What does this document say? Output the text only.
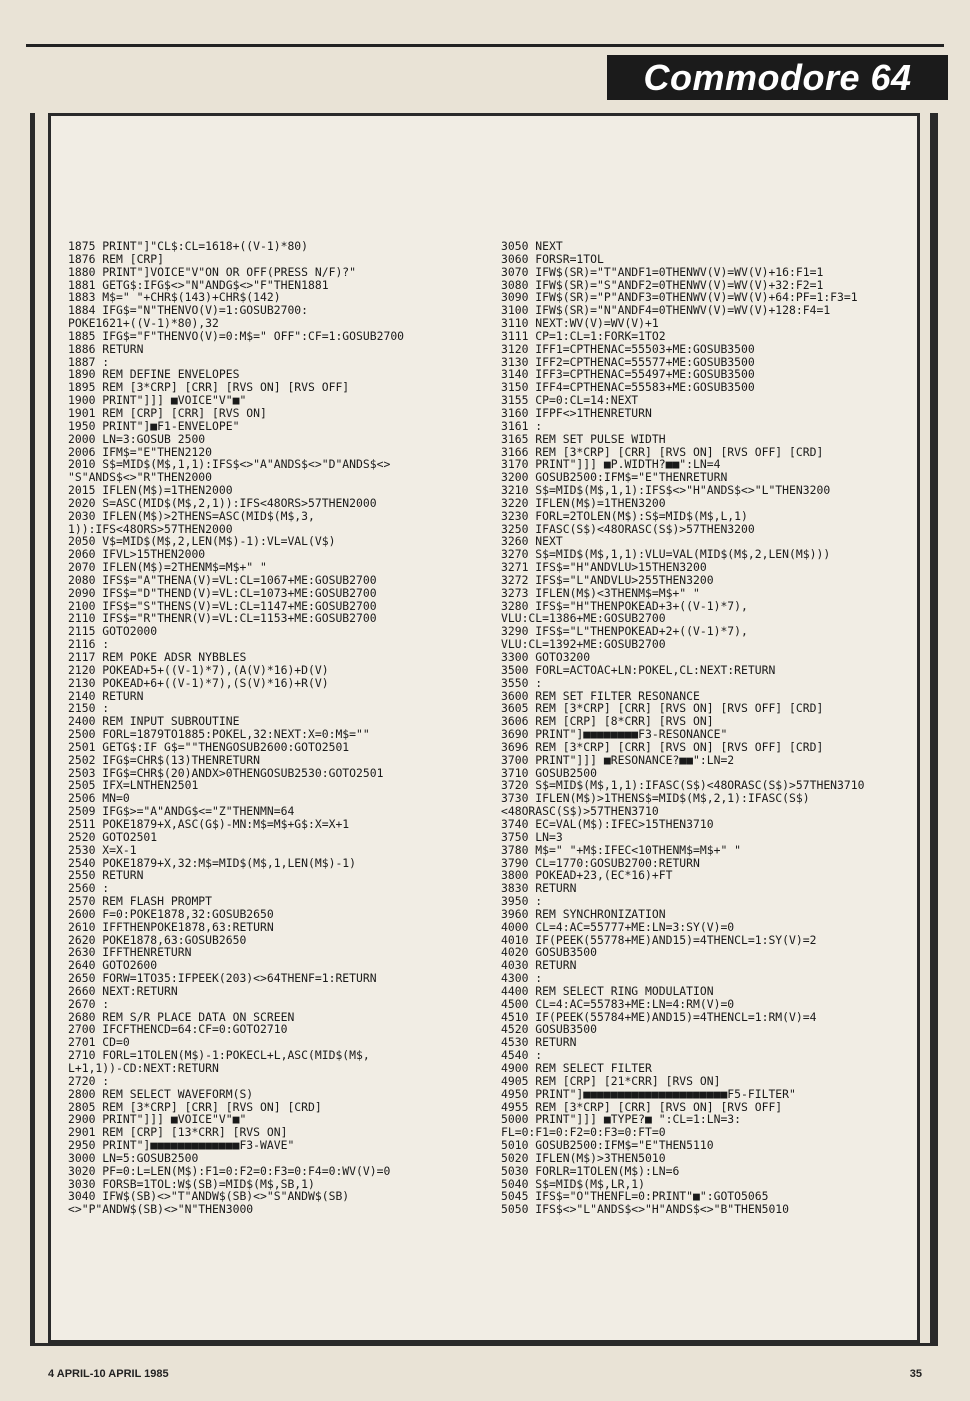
Commodore 64
1875 PRINT"]"CL$:CL=1618+((V-1)*80)
1876 REM [CRP]
1880 PRINT"]VOICE"V"ON OR OFF(PRESS N/F)?"
1881 GETG$:IFG$<>"N"ANDG$<>"F"THEN1881
1883 M$=" "+CHR$(143)+CHR$(142)
1884 IFG$="N"THENVO(V)=1:GOSUB2700:
POKE1621+((V-1)*80),32
1885 IFG$="F"THENVO(V)=0:M$=" OFF":CF=1:GOSUB2700
1886 RETURN
1887 :
1890 REM DEFINE ENVELOPES
1895 REM [3*CRP] [CRR] [RVS ON] [RVS OFF]
1900 PRINT"]]] ■VOICE"V"■"
1901 REM [CRP] [CRR] [RVS ON]
1950 PRINT"]■F1-ENVELOPE"
2000 LN=3:GOSUB 2500
2006 IFM$="E"THEN2120
2010 S$=MID$(M$,1,1):IFS$<>"A"ANDS$<>"D"ANDS$<>
"S"ANDS$<>"R"THEN2000
2015 IFLEN(M$)=1THEN2000
2020 S=ASC(MID$(M$,2,1)):IFS<48ORS>57THEN2000
2030 IFLEN(M$)>2THENS=ASC(MID$(M$,3,
1)):IFS<48ORS>57THEN2000
2050 V$=MID$(M$,2,LEN(M$)-1):VL=VAL(V$)
2060 IFVL>15THEN2000
2070 IFLEN(M$)=2THENM$=M$+" "
2080 IFS$="A"THENA(V)=VL:CL=1067+ME:GOSUB2700
2090 IFS$="D"THEND(V)=VL:CL=1073+ME:GOSUB2700
2100 IFS$="S"THENS(V)=VL:CL=1147+ME:GOSUB2700
2110 IFS$="R"THENR(V)=VL:CL=1153+ME:GOSUB2700
2115 GOTO2000
2116 :
2117 REM POKE ADSR NYBBLES
2120 POKEAD+5+((V-1)*7),(A(V)*16)+D(V)
2130 POKEAD+6+((V-1)*7),(S(V)*16)+R(V)
2140 RETURN
2150 :
2400 REM INPUT SUBROUTINE
2500 FORL=1879TO1885:POKEL,32:NEXT:X=0:M$=""
2501 GETG$:IF G$=""THENGOSUB2600:GOTO2501
2502 IFG$=CHR$(13)THENRETURN
2503 IFG$=CHR$(20)ANDX>0THENGOSUB2530:GOTO2501
2505 IFX=LNTHEN2501
2506 MN=0
2509 IFG$>="A"ANDG$<="Z"THENMN=64
2511 POKE1879+X,ASC(G$)-MN:M$=M$+G$:X=X+1
2520 GOTO2501
2530 X=X-1
2540 POKE1879+X,32:M$=MID$(M$,1,LEN(M$)-1)
2550 RETURN
2560 :
2570 REM FLASH PROMPT
2600 F=0:POKE1878,32:GOSUB2650
2610 IFFTHENPOKE1878,63:RETURN
2620 POKE1878,63:GOSUB2650
2630 IFFTHENRETURN
2640 GOTO2600
2650 FORW=1TO35:IFPEEK(203)<>64THENF=1:RETURN
2660 NEXT:RETURN
2670 :
2680 REM S/R PLACE DATA ON SCREEN
2700 IFCFTHENCD=64:CF=0:GOTO2710
2701 CD=0
2710 FORL=1TOLEN(M$)-1:POKECL+L,ASC(MID$(M$,
L+1,1))-CD:NEXT:RETURN
2720 :
2800 REM SELECT WAVEFORM(S)
2805 REM [3*CRP] [CRR] [RVS ON] [CRD]
2900 PRINT"]]] ■VOICE"V"■"
2901 REM [CRP] [13*CRR] [RVS ON]
2950 PRINT"]■■■■■■■■■■■■■F3-WAVE"
3000 LN=5:GOSUB2500
3020 PF=0:L=LEN(M$):F1=0:F2=0:F3=0:F4=0:WV(V)=0
3030 FORSB=1TOL:W$(SB)=MID$(M$,SB,1)
3040 IFW$(SB)<>"T"ANDW$(SB)<>"S"ANDW$(SB)
<>"P"ANDW$(SB)<>"N"THEN3000
3050 NEXT
3060 FORSR=1TOL
3070 IFW$(SR)="T"ANDF1=0THENWV(V)=WV(V)+16:F1=1
3080 IFW$(SR)="S"ANDF2=0THENWV(V)=WV(V)+32:F2=1
3090 IFW$(SR)="P"ANDF3=0THENWV(V)=WV(V)+64:PF=1:F3=1
3100 IFW$(SR)="N"ANDF4=0THENWV(V)=WV(V)+128:F4=1
3110 NEXT:WV(V)=WV(V)+1
3111 CP=1:CL=1:FORK=1TO2
3120 IFF1=CPTHENAC=55503+ME:GOSUB3500
3130 IFF2=CPTHENAC=55577+ME:GOSUB3500
3140 IFF3=CPTHENAC=55497+ME:GOSUB3500
3150 IFF4=CPTHENAC=55583+ME:GOSUB3500
3155 CP=0:CL=14:NEXT
3160 IFPF<>1THENRETURN
3161 :
3165 REM SET PULSE WIDTH
3166 REM [3*CRP] [CRR] [RVS ON] [RVS OFF] [CRD]
3170 PRINT"]]] ■P.WIDTH?■■":LN=4
3200 GOSUB2500:IFM$="E"THENRETURN
3210 S$=MID$(M$,1,1):IFS$<>"H"ANDS$<>"L"THEN3200
3220 IFLEN(M$)=1THEN3200
3230 FORL=2TOLEN(M$):S$=MID$(M$,L,1)
3250 IFASC(S$)<48ORASC(S$)>57THEN3200
3260 NEXT
3270 S$=MID$(M$,1,1):VLU=VAL(MID$(M$,2,LEN(M$)))
3271 IFS$="H"ANDVLU>15THEN3200
3272 IFS$="L"ANDVLU>255THEN3200
3273 IFLEN(M$)<3THENM$=M$+" "
3280 IFS$="H"THENPOKEAD+3+((V-1)*7),
VLU:CL=1386+ME:GOSUB2700
3290 IFS$="L"THENPOKEAD+2+((V-1)*7),
VLU:CL=1392+ME:GOSUB2700
3300 GOTO3200
3500 FORL=ACTOAC+LN:POKEL,CL:NEXT:RETURN
3550 :
3600 REM SET FILTER RESONANCE
3605 REM [3*CRP] [CRR] [RVS ON] [RVS OFF] [CRD]
3606 REM [CRP] [8*CRR] [RVS ON]
3690 PRINT"]■■■■■■■■F3-RESONANCE"
3696 REM [3*CRP] [CRR] [RVS ON] [RVS OFF] [CRD]
3700 PRINT"]]] ■RESONANCE?■■":LN=2
3710 GOSUB2500
3720 S$=MID$(M$,1,1):IFASC(S$)<48ORASC(S$)>57THEN3710
3730 IFLEN(M$)>1THENS$=MID$(M$,2,1):IFASC(S$)
<48ORASC(S$)>57THEN3710
3740 EC=VAL(M$):IFEC>15THEN3710
3750 LN=3
3780 M$=" "+M$:IFEC<10THENM$=M$+" "
3790 CL=1770:GOSUB2700:RETURN
3800 POKEAD+23,(EC*16)+FT
3830 RETURN
3950 :
3960 REM SYNCHRONIZATION
4000 CL=4:AC=55777+ME:LN=3:SY(V)=0
4010 IF(PEEK(55778+ME)AND15)=4THENCL=1:SY(V)=2
4020 GOSUB3500
4030 RETURN
4300 :
4400 REM SELECT RING MODULATION
4500 CL=4:AC=55783+ME:LN=4:RM(V)=0
4510 IF(PEEK(55784+ME)AND15)=4THENCL=1:RM(V)=4
4520 GOSUB3500
4530 RETURN
4540 :
4900 REM SELECT FILTER
4905 REM [CRP] [21*CRR] [RVS ON]
4950 PRINT"]■■■■■■■■■■■■■■■■■■■■■F5-FILTER"
4955 REM [3*CRP] [CRR] [RVS ON] [RVS OFF]
5000 PRINT"]]] ■TYPE?■ ":CL=1:LN=3:
FL=0:F1=0:F2=0:F3=0:FT=0
5010 GOSUB2500:IFM$="E"THEN5110
5020 IFLEN(M$)>3THEN5010
5030 FORLR=1TOLEN(M$):LN=6
5040 S$=MID$(M$,LR,1)
5045 IFS$="O"THENFL=0:PRINT"■":GOTO5065
5050 IFS$<>"L"ANDS$<>"H"ANDS$<>"B"THEN5010
4 APRIL-10 APRIL 1985	35
